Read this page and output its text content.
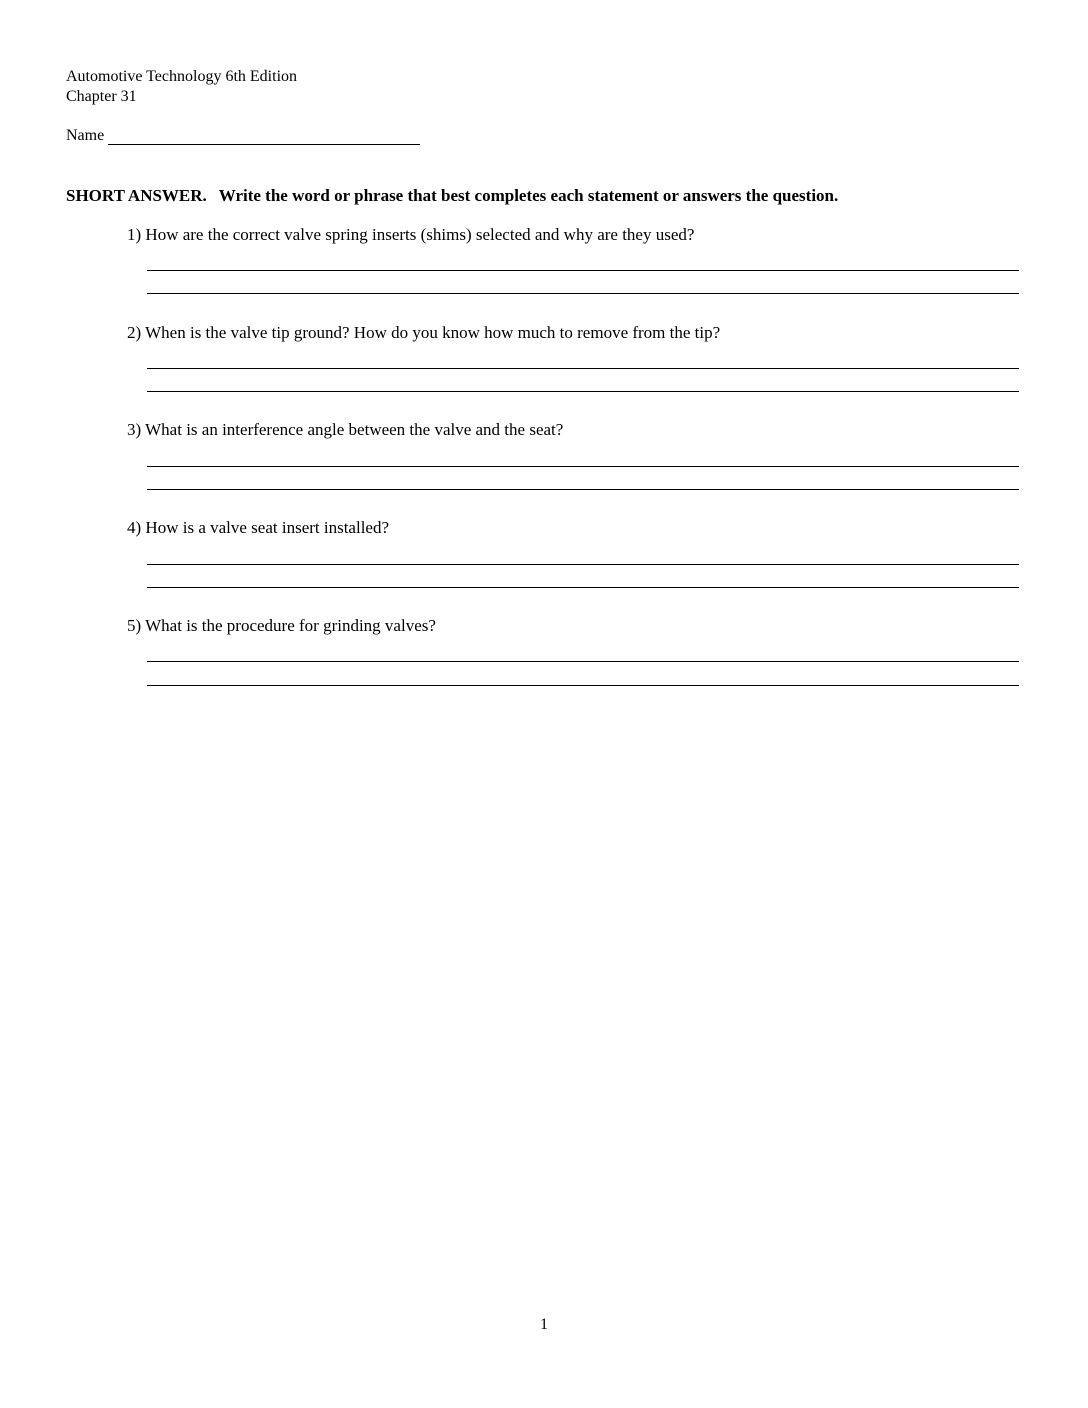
Automotive Technology 6th Edition
Chapter 31
Name
SHORT ANSWER. Write the word or phrase that best completes each statement or answers the question.
1) How are the correct valve spring inserts (shims) selected and why are they used?
2) When is the valve tip ground? How do you know how much to remove from the tip?
3) What is an interference angle between the valve and the seat?
4) How is a valve seat insert installed?
5) What is the procedure for grinding valves?
1
